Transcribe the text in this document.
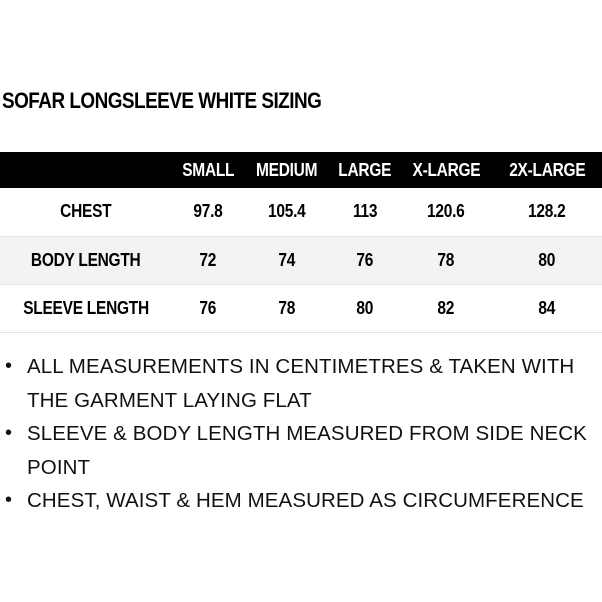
SOFAR LONGSLEEVE WHITE SIZING
	SMALL	MEDIUM	LARGE	X-LARGE	2X-LARGE
CHEST	97.8	105.4	113	120.6	128.2
BODY LENGTH	72	74	76	78	80
SLEEVE LENGTH	76	78	80	82	84
• ALL MEASUREMENTS IN CENTIMETRES & TAKEN WITH THE GARMENT LAYING FLAT
• SLEEVE & BODY LENGTH MEASURED FROM SIDE NECK POINT
• CHEST, WAIST & HEM MEASURED AS CIRCUMFERENCE
